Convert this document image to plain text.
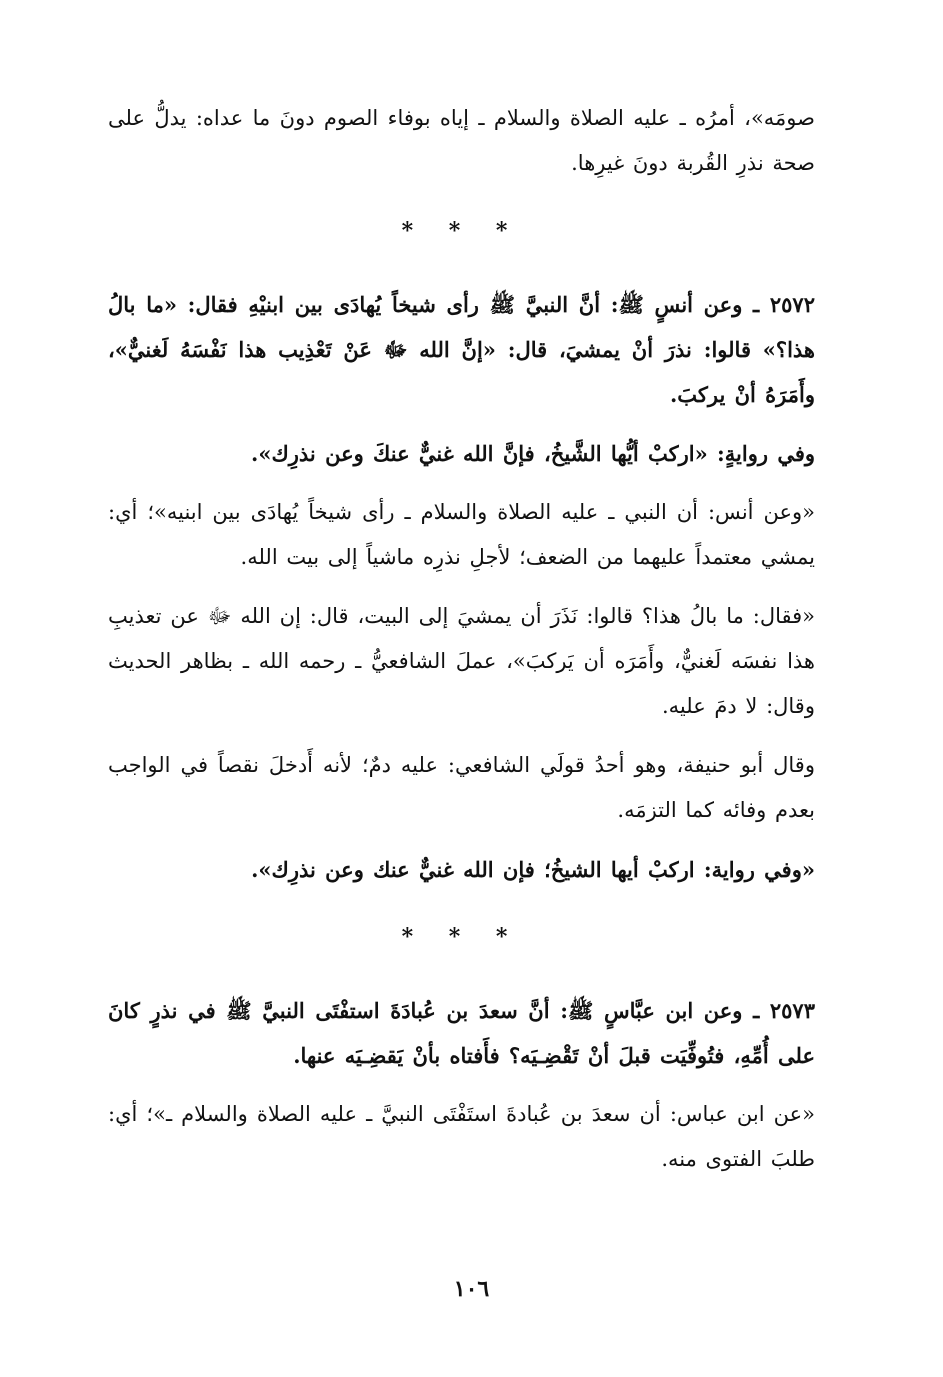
صومَه»، أمرُه ـ عليه الصلاة والسلام ـ إياه بوفاء الصوم دونَ ما عداه: يدلُّ على صحة نذرِ القُربة دونَ غيرِها.

* * *

٢٥٧٢ ـ وعن أنسٍ ﷺ: أنَّ النبيَّ ﷺ رأى شيخاً يُهادَى بين ابنيْهِ فقال: «ما بالُ هذا؟» قالوا: نذرَ أنْ يمشيَ، قال: «إنَّ الله ﷻ عَنْ تَعْذِيب هذا نَفْسَهُ لَغنيٌّ»، وأَمَرَهُ أنْ يركبَ.

وفي روايةٍ: «اركبْ أيُّها الشَّيخُ، فإنَّ الله غنيٌّ عنكَ وعن نذرِك».

«وعن أنس: أن النبي ـ عليه الصلاة والسلام ـ رأى شيخاً يُهادَى بين ابنيه»؛ أي: يمشي معتمداً عليهما من الضعف؛ لأجلِ نذرِه ماشياً إلى بيت الله.

«فقال: ما بالُ هذا؟ قالوا: نَذَرَ أن يمشيَ إلى البيت، قال: إن الله ﷻ عن تعذيبِ هذا نفسَه لَغنيٌّ، وأَمَرَه أن يَركبَ»، عملَ الشافعيُّ ـ رحمه الله ـ بظاهر الحديث وقال: لا دمَ عليه.

وقال أبو حنيفة، وهو أحدُ قولَي الشافعي: عليه دمٌ؛ لأنه أَدخلَ نقصاً في الواجب بعدم وفائه كما التزمَه.

«وفي رواية: اركبْ أيها الشيخُ؛ فإن الله غنيٌّ عنك وعن نذرِك».

* * *

٢٥٧٣ ـ وعن ابن عبَّاسٍ ﷺ: أنَّ سعدَ بن عُبادَةَ استفْتَى النبيَّ ﷺ في نذرٍ كانَ على أُمِّهِ، فتُوفِّيَت قبلَ أنْ تَقْضِـيَه؟ فأَفتاه بأنْ يَقضِـيَه عنها.

«عن ابن عباس: أن سعدَ بن عُبادةَ استَفْتَى النبيَّ ـ عليه الصلاة والسلام ـ»؛ أي: طلبَ الفتوى منه.

١٠٦
